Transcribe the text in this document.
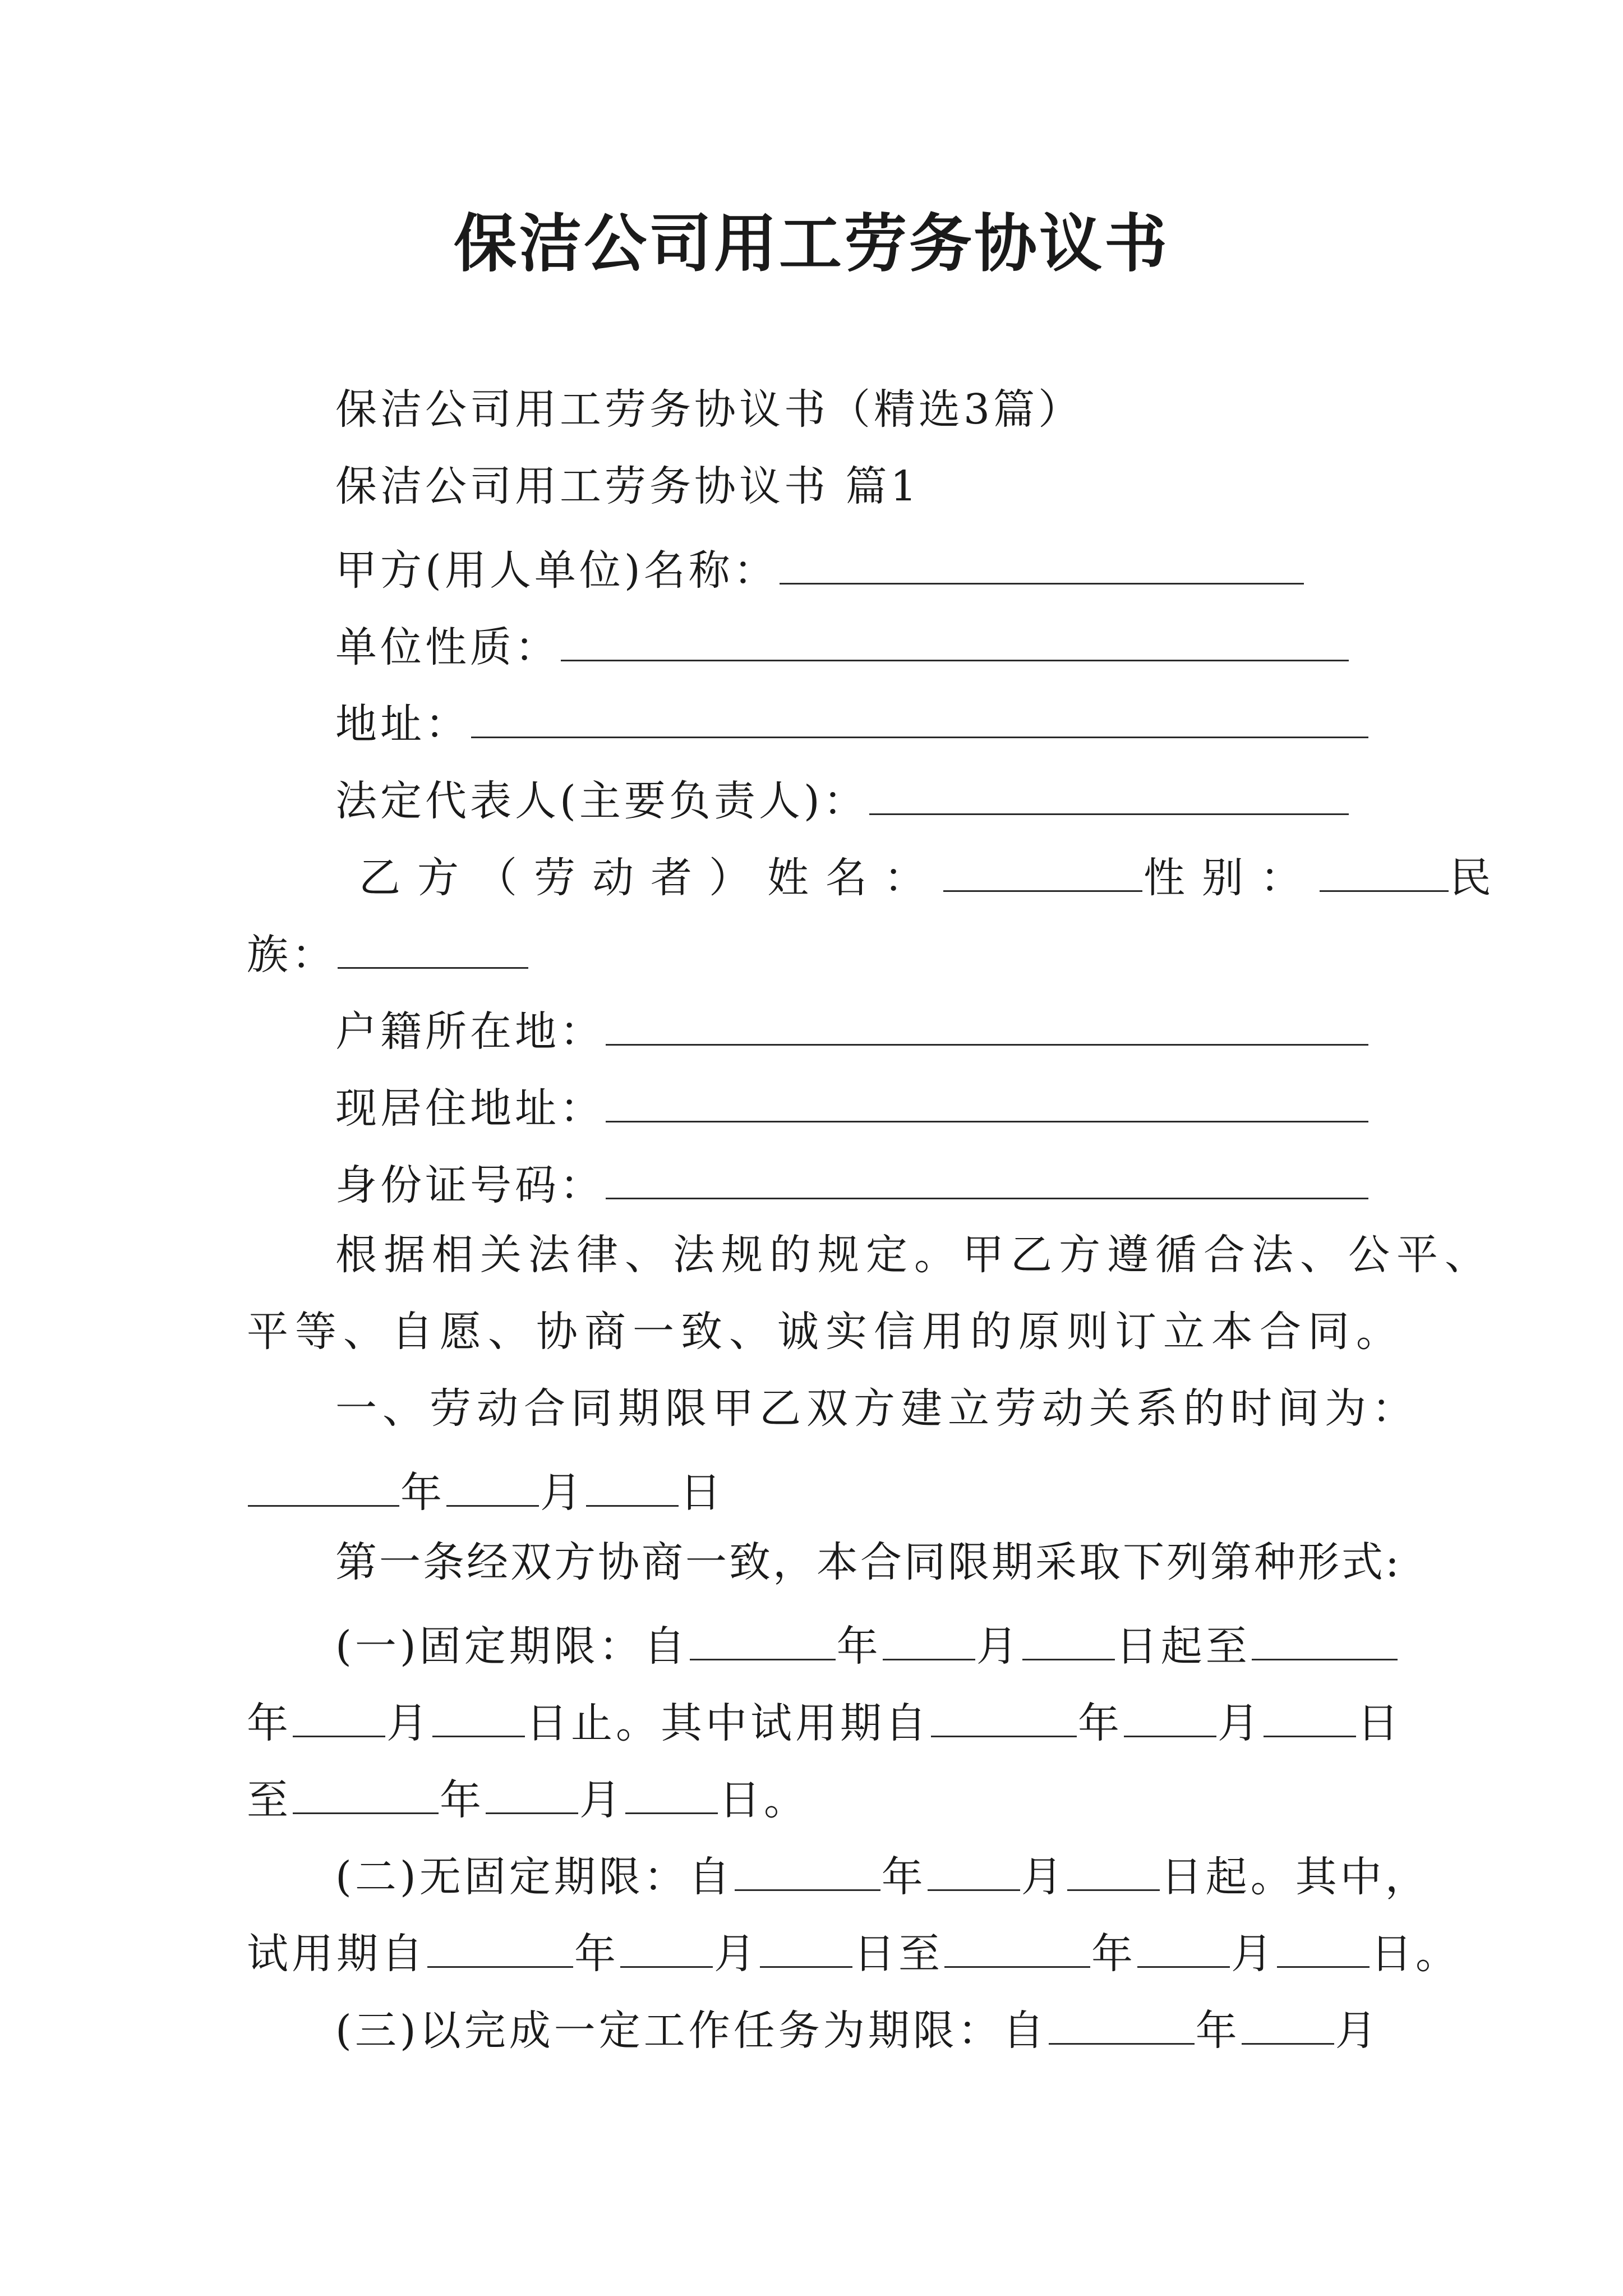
保洁公司用工劳务协议书
保洁公司用工劳务协议书（精选3篇）
保洁公司用工劳务协议书 篇1
甲方(用人单位)名称：
单位性质：
地址：
法定代表人(主要负责人)：
乙方（劳动者）姓名：	性别：	民
族：
户籍所在地：
现居住地址：
身份证号码：
根据相关法律、法规的规定。甲乙方遵循合法、公平、
平等、自愿、协商一致、诚实信用的原则订立本合同。
一、劳动合同期限甲乙双方建立劳动关系的时间为：
年 月 日
第一条经双方协商一致，本合同限期采取下列第种形式:
(一)固定期限：自	年 月 日起至
年 月 日止。其中试用期自	年 月 日
至	年 月 日。
(二)无固定期限：自	年 月 日起。其中，
试用期自	年 月 日至	年 月 日。
(三)以完成一定工作任务为期限：自	年 月
